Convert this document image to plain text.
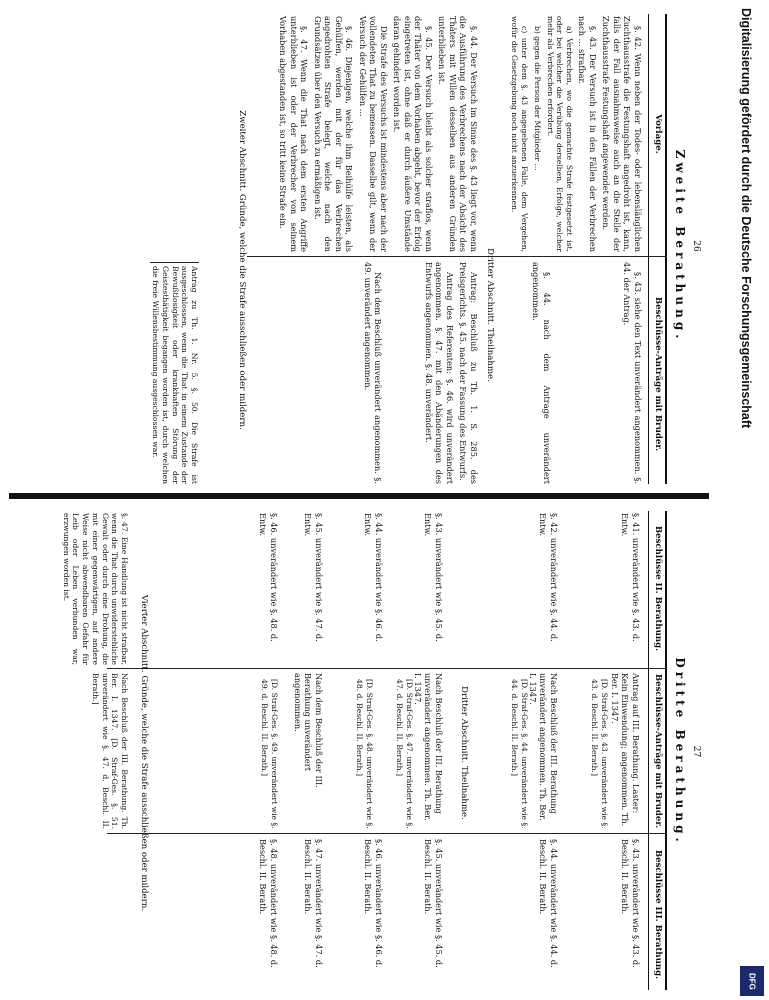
26
Zweite Berathung.
Vorlage.
Beschlüsse-Anträge mit Bruder.

§. 42. Wenn neben der Todes- oder lebenslänglichen Zuchthausstrafe die Festungshaft angedroht ist, kann, falls der Fall ausnahmsweise auch an die Stelle der Zuchthausstrafe Festungshaft angewendet werden.

§. 43. Der Versuch ist in den Fällen der Verbrechen nach ... strafbar.

a) Verbrechen, wo die gemachte Strafe festgesetzt ist, oder bei welcher die Verübung derselben, Erfolge, welcher mehr als Verbrechen erfordert.

b) gegen die Person der Mitglieder ...

c) unter dem §. 43 angegebenen Falle, dem Vergehen, wofür die Gesetzgebung noch nicht anzuerkennen.

§. 43. siehe den Text unverändert angenommen. §. 44. der Antrag.

§. 44. nach dem Antrage unverändert angenommen.

Dritter Abschnitt. Theilnahme.

§. 44. Der Versuch im Sinne des §. 43 liegt vor, wenn die Ausführung des Verbrechens nach der Absicht des Thäters mit Willen desselben aus anderen Gründen unterblieben ist.

§. 45. Der Versuch bleibt als solcher straflos, wenn der Thäter von dem Vorhaben abgeht, bevor der Erfolg eingetreten ist, ohne daß er durch äußere Umstände daran gehindert worden ist.

Die Strafe des Versuchs ist mindestens aber nach der vollendeten That zu bemessen. Dasselbe gilt, wenn der Versuch der Gehülfen ...

§. 46. Diejenigen, welche ihm Beihülfe leisten, als Gehülfen, werden mit der für das Verbrechen angedrohten Strafe belegt, welche nach den Grundsätzen über den Versuch zu ermäßigen ist.

§. 47. Wenn die That nach dem ersten Angriffe unterblieben ist oder der Verbrecher von seinem Vorhaben abgestanden ist, so tritt keine Strafe ein.

Antrag: Beschluß zu Th. 1. S. 285. des Preisgerichts. §. 45. nach der Fassung des Entwurfs.

Antrag des Referenten: §. 46. wird unverändert angenommen. §. 47. mit den Abänderungen des Entwurfs angenommen. §. 48. unverändert.

Nach dem Beschluß unverändert angenommen. §. 49. unverändert angenommen.

Zweiter Abschnitt. Gründe, welche die Strafe ausschließen oder mildern.
Antrag zu Th. 1. Nr. 5. §. 50. Die Strafe ist ausgeschlossen, wenn die That in einem Zustande der Bewußtlosigkeit oder krankhaften Störung der Geistesthätigkeit begangen worden ist, durch welchen die freie Willensbestimmung ausgeschlossen war.
27
Dritte Berathung.
Beschlüsse II. Berathung.
Beschlüsse-Anträge mit Bruder.
Beschlüsse III. Berathung.
§. 41. unverändert wie §. 43. d. Entw.
§. 42. unverändert wie §. 44. d. Entw.
§. 43. unverändert wie §. 45. d. Entw.
§. 44. unverändert wie §. 46. d. Entw.
§. 45. unverändert wie §. 47. d. Entw.
§. 46. unverändert wie §. 48. d. Entw.
Antrag auf III. Berathung. Laster: Kein Einwendung; angenommen. Th. Ber. I. 1347.
[D. Straf-Ges. §. 43. unverändert wie §. 43. d. Beschl. II. Berath.]
Nach Beschluß der III. Berathung unverändert angenommen. Th. Ber. I. 1347.
[D. Straf-Ges. §. 44. unverändert wie §. 44. d. Beschl. II. Berath.]
Dritter Abschnitt. Theilnahme.
Nach Beschluß der III. Berathung unverändert angenommen. Th. Ber. I. 1347.
[D. Straf-Ges. §. 47. unverändert wie §. 47. d. Beschl. II. Berath.]
[D. Straf-Ges. §. 48. unverändert wie §. 48. d. Beschl. II. Berath.]
Nach dem Beschluß der III. Berathung unverändert angenommen.
[D. Straf-Ges. §. 49. unverändert wie §. 49. d. Beschl. II. Berath.]
§. 43. unverändert wie §. 43. d. Beschl. II. Berath.
§. 44. unverändert wie §. 44. d. Beschl. II. Berath.
§. 45. unverändert wie §. 45. d. Beschl. II. Berath.
§. 46. unverändert wie §. 46. d. Beschl. II. Berath.
§. 47. unverändert wie §. 47. d. Beschl. II. Berath.
§. 48. unverändert wie §. 48. d. Beschl. II. Berath.
Vierter Abschnitt. Gründe, welche die Strafe ausschließen oder mildern.
§. 47. Eine Handlung ist nicht strafbar, wenn die That durch unwiderstehliche Gewalt oder durch eine Drohung, die mit einer gegenwärtigen, auf andere Weise nicht abwendbaren Gefahr für Leib oder Leben verbunden war, erzwungen worden ist.
Nach Beschluß der III. Berathung. Th. Ber. I. 1347. [D. Straf-Ges. §. 51. unverändert wie §. 47. d. Beschl. II. Berath.]
Digitalisierung gefördert durch die Deutsche Forschungsgemeinschaft
DFG
